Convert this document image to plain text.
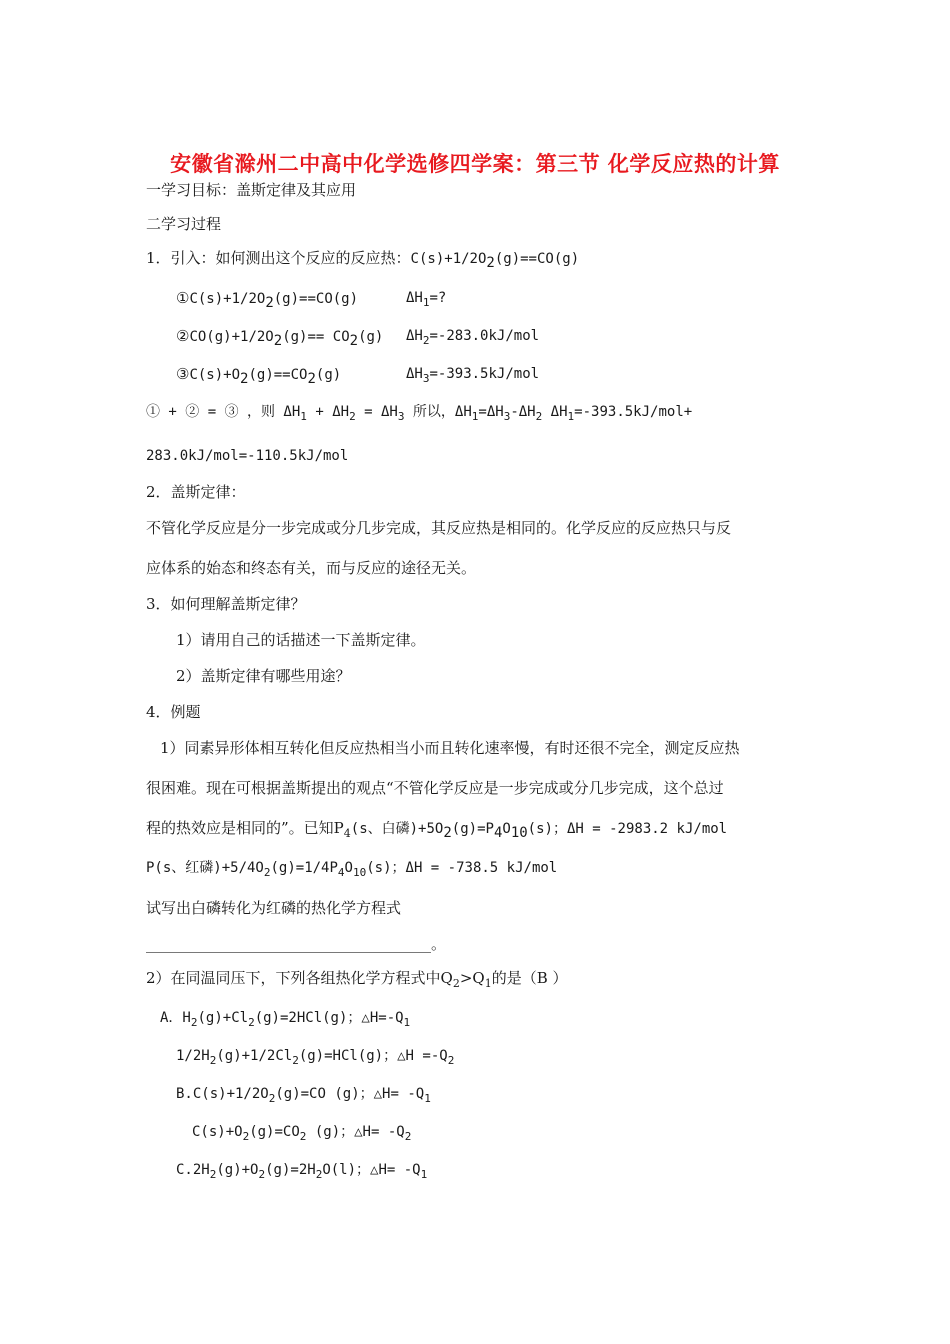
安徽省滁州二中高中化学选修四学案：第三节 化学反应热的计算
一学习目标：盖斯定律及其应用
二学习过程
1．引入：如何测出这个反应的反应热：$C(s)+1/2O_2(g)==CO(g)$
$①C(s)+1/2O_2(g)==CO(g)$	$\Delta H_1=$?
$②CO(g)+1/2O_2(g)== CO_2(g)$ $\Delta H_2=-283.0kJ$/mol
$③C(s)+O_2(g)==CO_2(g)$	$\Delta H_3=-393.5kJ$/mol
① + ② = ③ ，则 $\Delta H_1 + \Delta H_2 = \Delta H_3$ 所以，$\Delta H_1=\Delta H_3-\Delta H_2$ $\Delta H_1=-393.5kJ/mol+$
283.0kJ/mol=-110.5kJ/mol
2．盖斯定律：
不管化学反应是分一步完成或分几步完成，其反应热是相同的。化学反应的反应热只与反
应体系的始态和终态有关，而与反应的途径无关。
3．如何理解盖斯定律？
1）请用自己的话描述一下盖斯定律。
2）盖斯定律有哪些用途？
4．例题
1）同素异形体相互转化但反应热相当小而且转化速率慢，有时还很不完全，测定反应热
很困难。现在可根据盖斯提出的观点“不管化学反应是一步完成或分几步完成，这个总过
程的热效应是相同的”。已知$P_4(s$、白磷)$+5O_2(g)=P_4O_{10}(s)$；ΔH = -2983.2 kJ/mol
P(s、红磷)$+5/4O_2(g)=1/4P_4O_{10}(s)$；ΔH = -738.5 kJ/mol
试写出白磷转化为红磷的热化学方程式
______________________________________。
2）在同温同压下，下列各组热化学方程式中$Q_2>Q_1$的是（B ）
A．$H_2(g)+Cl_2(g)=2HCl(g)$；$\triangle H=-Q_1$
$1/2H_2(g)+1/2Cl_2(g)=HCl(g)$；△H $=-Q_2$
$B.C(s)+1/2O_2(g)=CO$ (g)；△H= $-Q_1$
$C(s)+O_2(g)=CO_2$ (g)；△H= $-Q_2$
$C.2H_2(g)+O_2(g)=2H_2O(l)$；△H= $-Q_1$
